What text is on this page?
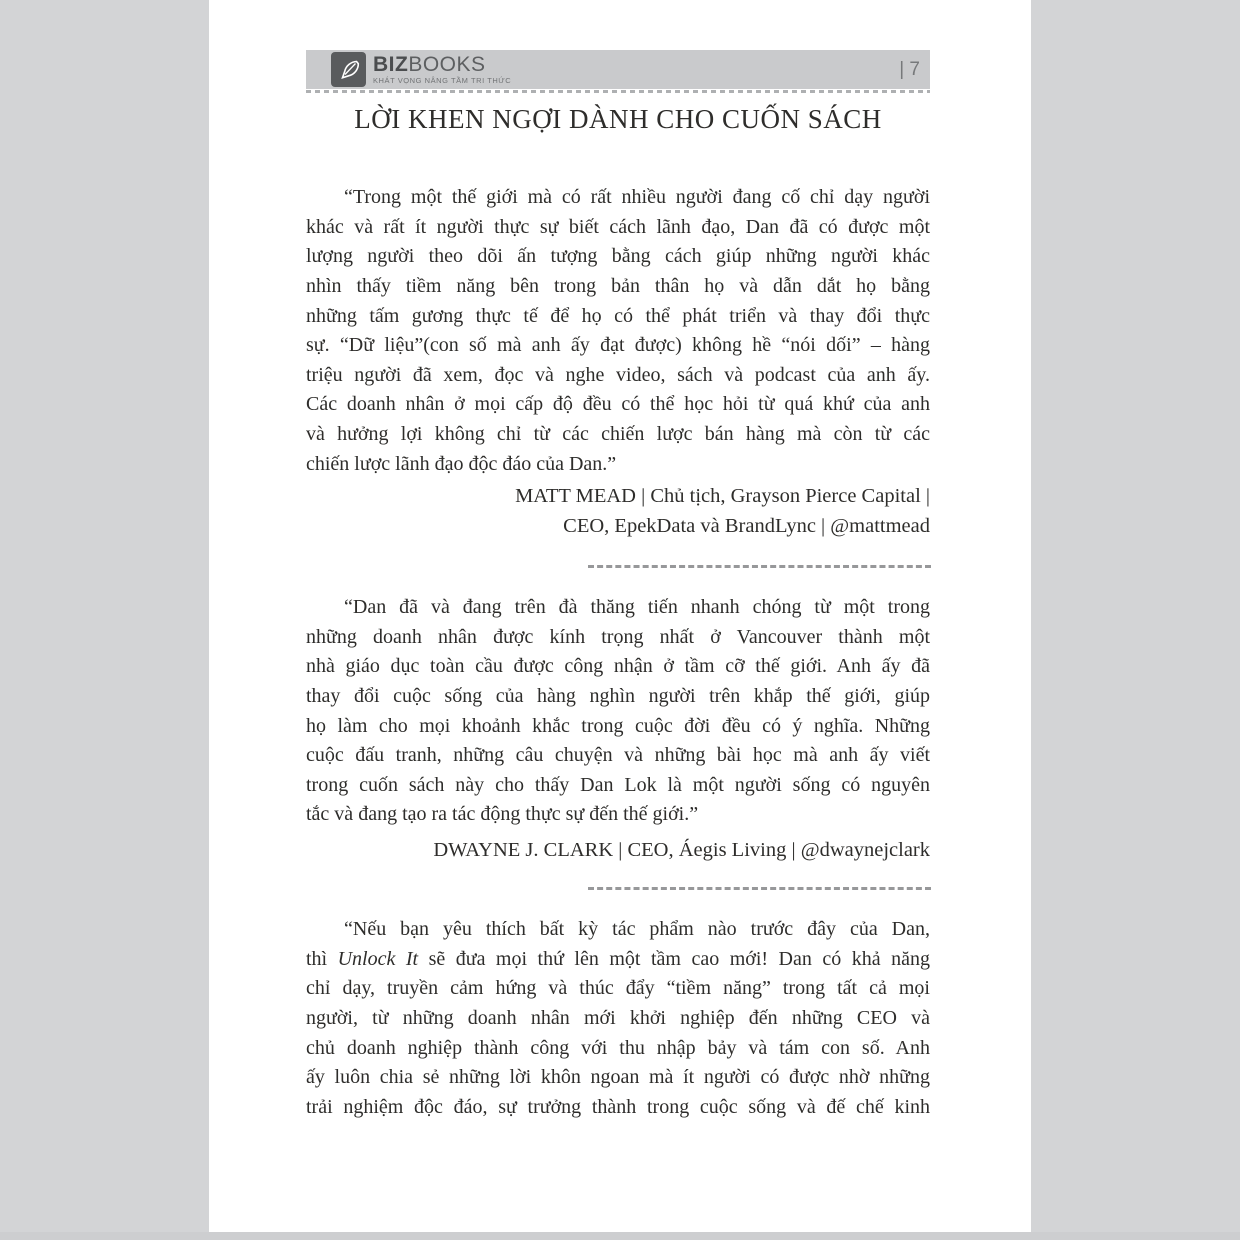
BIZBOOKS
KHÁT VỌNG NÂNG TẦM TRI THỨC
| 7
LỜI KHEN NGỢI DÀNH CHO CUỐN SÁCH
“Trong một thế giới mà có rất nhiều người đang cố chỉ dạy người
khác và rất ít người thực sự biết cách lãnh đạo, Dan đã có được một
lượng người theo dõi ấn tượng bằng cách giúp những người khác
nhìn thấy tiềm năng bên trong bản thân họ và dẫn dắt họ bằng
những tấm gương thực tế để họ có thể phát triển và thay đổi thực
sự. “Dữ liệu”(con số mà anh ấy đạt được) không hề “nói dối” – hàng
triệu người đã xem, đọc và nghe video, sách và podcast của anh ấy.
Các doanh nhân ở mọi cấp độ đều có thể học hỏi từ quá khứ của anh
và hưởng lợi không chỉ từ các chiến lược bán hàng mà còn từ các
chiến lược lãnh đạo độc đáo của Dan.”
MATT MEAD | Chủ tịch, Grayson Pierce Capital |
CEO, EpekData và BrandLync | @mattmead
“Dan đã và đang trên đà thăng tiến nhanh chóng từ một trong
những doanh nhân được kính trọng nhất ở Vancouver thành một
nhà giáo dục toàn cầu được công nhận ở tầm cỡ thế giới. Anh ấy đã
thay đổi cuộc sống của hàng nghìn người trên khắp thế giới, giúp
họ làm cho mọi khoảnh khắc trong cuộc đời đều có ý nghĩa. Những
cuộc đấu tranh, những câu chuyện và những bài học mà anh ấy viết
trong cuốn sách này cho thấy Dan Lok là một người sống có nguyên
tắc và đang tạo ra tác động thực sự đến thế giới.”
DWAYNE J. CLARK | CEO, Áegis Living | @dwaynejclark
“Nếu bạn yêu thích bất kỳ tác phẩm nào trước đây của Dan,
thì Unlock It sẽ đưa mọi thứ lên một tầm cao mới! Dan có khả năng
chỉ dạy, truyền cảm hứng và thúc đẩy “tiềm năng” trong tất cả mọi
người, từ những doanh nhân mới khởi nghiệp đến những CEO và
chủ doanh nghiệp thành công với thu nhập bảy và tám con số. Anh
ấy luôn chia sẻ những lời khôn ngoan mà ít người có được nhờ những
trải nghiệm độc đáo, sự trưởng thành trong cuộc sống và đế chế kinh
